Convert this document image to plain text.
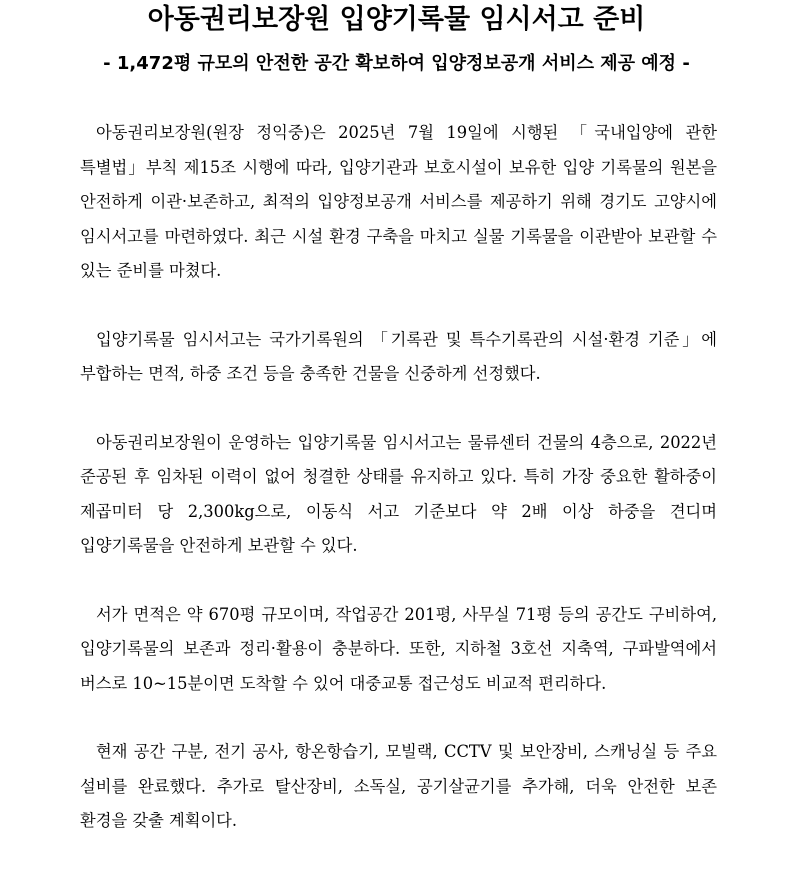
아동권리보장원 입양기록물 임시서고 준비
- 1,472평 규모의 안전한 공간 확보하여 입양정보공개 서비스 제공 예정 -

아동권리보장원(원장 정익중)은 2025년 7월 19일에 시행된 「국내입양에 관한 특별법」부칙 제15조 시행에 따라, 입양기관과 보호시설이 보유한 입양 기록물의 원본을 안전하게 이관·보존하고, 최적의 입양정보공개 서비스를 제공하기 위해 경기도 고양시에 임시서고를 마련하였다. 최근 시설 환경 구축을 마치고 실물 기록물을 이관받아 보관할 수 있는 준비를 마쳤다.

입양기록물 임시서고는 국가기록원의 「기록관 및 특수기록관의 시설·환경 기준」에 부합하는 면적, 하중 조건 등을 충족한 건물을 신중하게 선정했다.

아동권리보장원이 운영하는 입양기록물 임시서고는 물류센터 건물의 4층으로, 2022년 준공된 후 임차된 이력이 없어 청결한 상태를 유지하고 있다. 특히 가장 중요한 활하중이 제곱미터 당 2,300kg으로, 이동식 서고 기준보다 약 2배 이상 하중을 견디며 입양기록물을 안전하게 보관할 수 있다.

서가 면적은 약 670평 규모이며, 작업공간 201평, 사무실 71평 등의 공간도 구비하여, 입양기록물의 보존과 정리·활용이 충분하다. 또한, 지하철 3호선 지축역, 구파발역에서 버스로 10~15분이면 도착할 수 있어 대중교통 접근성도 비교적 편리하다.

현재 공간 구분, 전기 공사, 항온항습기, 모빌랙, CCTV 및 보안장비, 스캐닝실 등 주요 설비를 완료했다. 추가로 탈산장비, 소독실, 공기살균기를 추가해, 더욱 안전한 보존 환경을 갖출 계획이다.
